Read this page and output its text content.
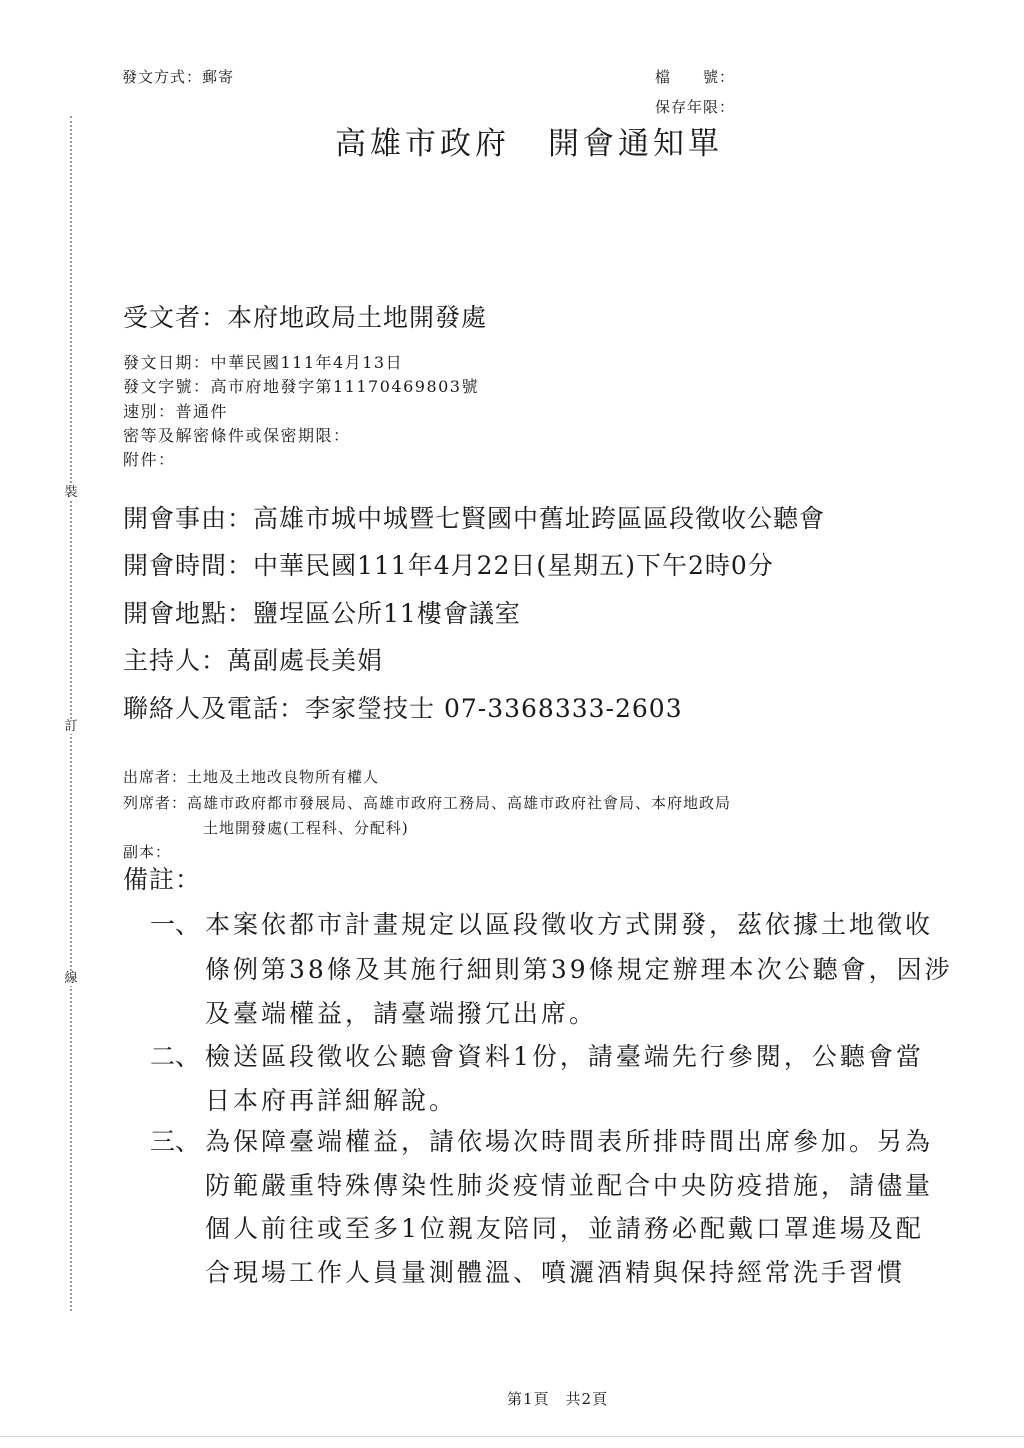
裝
訂
線
發文方式：郵寄	檔　　號：
保存年限：
高雄市政府 開會通知單
受文者：本府地政局土地開發處
發文日期：中華民國111年4月13日
發文字號：高市府地發字第11170469803號
速別：普通件
密等及解密條件或保密期限：
附件：
開會事由：高雄市城中城暨七賢國中舊址跨區區段徵收公聽會
開會時間：中華民國111年4月22日(星期五)下午2時0分
開會地點：鹽埕區公所11樓會議室
主持人：萬副處長美娟
聯絡人及電話：李家瑩技士 07-3368333-2603
出席者：土地及土地改良物所有權人
列席者：高雄市政府都市發展局、高雄市政府工務局、高雄市政府社會局、本府地政局
土地開發處(工程科、分配科)
副本：
備註：
一、 本案依都市計畫規定以區段徵收方式開發，茲依據土地徵收
條例第38條及其施行細則第39條規定辦理本次公聽會，因涉
及臺端權益，請臺端撥冗出席。
二、 檢送區段徵收公聽會資料1份，請臺端先行參閱，公聽會當
日本府再詳細解說。
三、 為保障臺端權益，請依場次時間表所排時間出席參加。另為
防範嚴重特殊傳染性肺炎疫情並配合中央防疫措施，請儘量
個人前往或至多1位親友陪同，並請務必配戴口罩進場及配
合現場工作人員量測體溫、噴灑酒精與保持經常洗手習慣
第1頁　共2頁
